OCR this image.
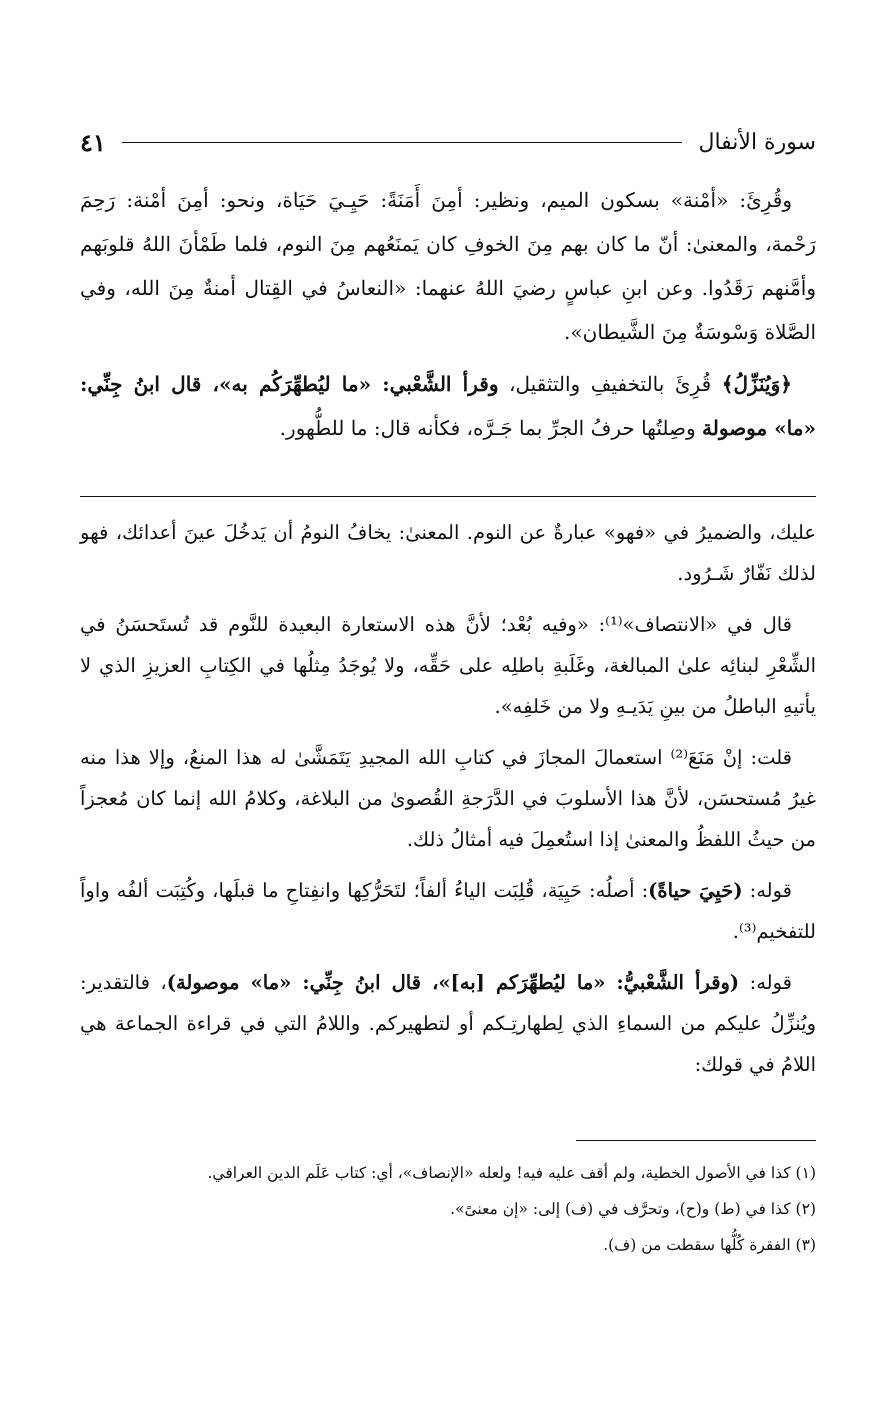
سورة الأنفال
٤١

وقُرِئَ: «أمْنة» بسكون الميم، ونظير: أمِنَ أَمَنَةً: حَيِـيَ حَيَاة، ونحو: أمِنَ أمْنة: رَحِمَ رَحْمة، والمعنىٰ: أنّ ما كان بهم مِنَ الخوفِ كان يَمنَعُهم مِنَ النوم، فلما طَمْأنَ اللهُ قلوبَهم وأمَّنهم رَقَدُوا. وعن ابنِ عباسٍ رضيَ اللهُ عنهما: «النعاسُ في القِتال أمنةٌ مِنَ الله، وفي الصَّلاة وَسْوسَةٌ مِنَ الشَّيطان».

﴿وَيُنَزِّلُ﴾ قُرِئَ بالتخفيفِ والتثقيل، وقرأ الشَّعْبي: «ما ليُطهِّرَكُم به»، قال ابنُ جِنِّي: «ما» موصولة وصِلتُها حرفُ الجرِّ بما جَـرَّه، فكأنه قال: ما للطُّهور.

عليك، والضميرُ في «فهو» عبارةٌ عن النوم. المعنىٰ: يخافُ النومُ أن يَدخُلَ عينَ أعدائك، فهو لذلك نَفّارٌ شَـرُود.

قال في «الانتصاف»⁽¹⁾: «وفيه بُعْد؛ لأنَّ هذه الاستعارة البعيدة للنَّوم قد تُستَحسَنُ في الشِّعْرِ لبنائِه علىٰ المبالغة، وغَلَبةِ باطلِه على حَقِّه، ولا يُوجَدُ مِثلُها في الكِتابِ العزيزِ الذي لا يأتيهِ الباطلُ من بينِ يَدَيـهِ ولا من خَلفِه».

قلت: إنْ مَنَعَ⁽²⁾ استعمالَ المجازَ في كتابِ الله المجيدِ يَتَمَشَّىٰ له هذا المنعُ، وإلا هذا منه غيرُ مُستحسَن، لأنَّ هذا الأسلوبَ في الدَّرَجةِ القُصوىٰ من البلاغة، وكلامُ الله إنما كان مُعجزاً من حيثُ اللفظُ والمعنىٰ إذا استُعمِلَ فيه أمثالُ ذلك.

قوله: (حَيِيَ حياةً): أصلُه: حَيِيَة، قُلِبَت الياءُ ألفاً؛ لتَحَرُّكِها وانفِتاحِ ما قبلَها، وكُتِبَت ألفُه واواً للتفخيم⁽³⁾.

قوله: (وقرأ الشَّعْبيُّ: «ما ليُطهِّرَكم [به]»، قال ابنُ جِنِّي: «ما» موصولة)، فالتقدير: ويُنزِّلُ عليكم من السماءِ الذي لِطهارتِـكم أو لتطهيركم. واللامُ التي في قراءة الجماعة هي اللامُ في قولك:

(١) كذا في الأصول الخطية، ولم أقف عليه فيه! ولعله «الإنصاف»، أي: كتاب عَلَم الدين العراقي.

(٢) كذا في (ط) و(ح)، وتحرَّف في (ف) إلى: «إن معنىً».

(٣) الفقرة كُلُّها سقطت من (ف).
